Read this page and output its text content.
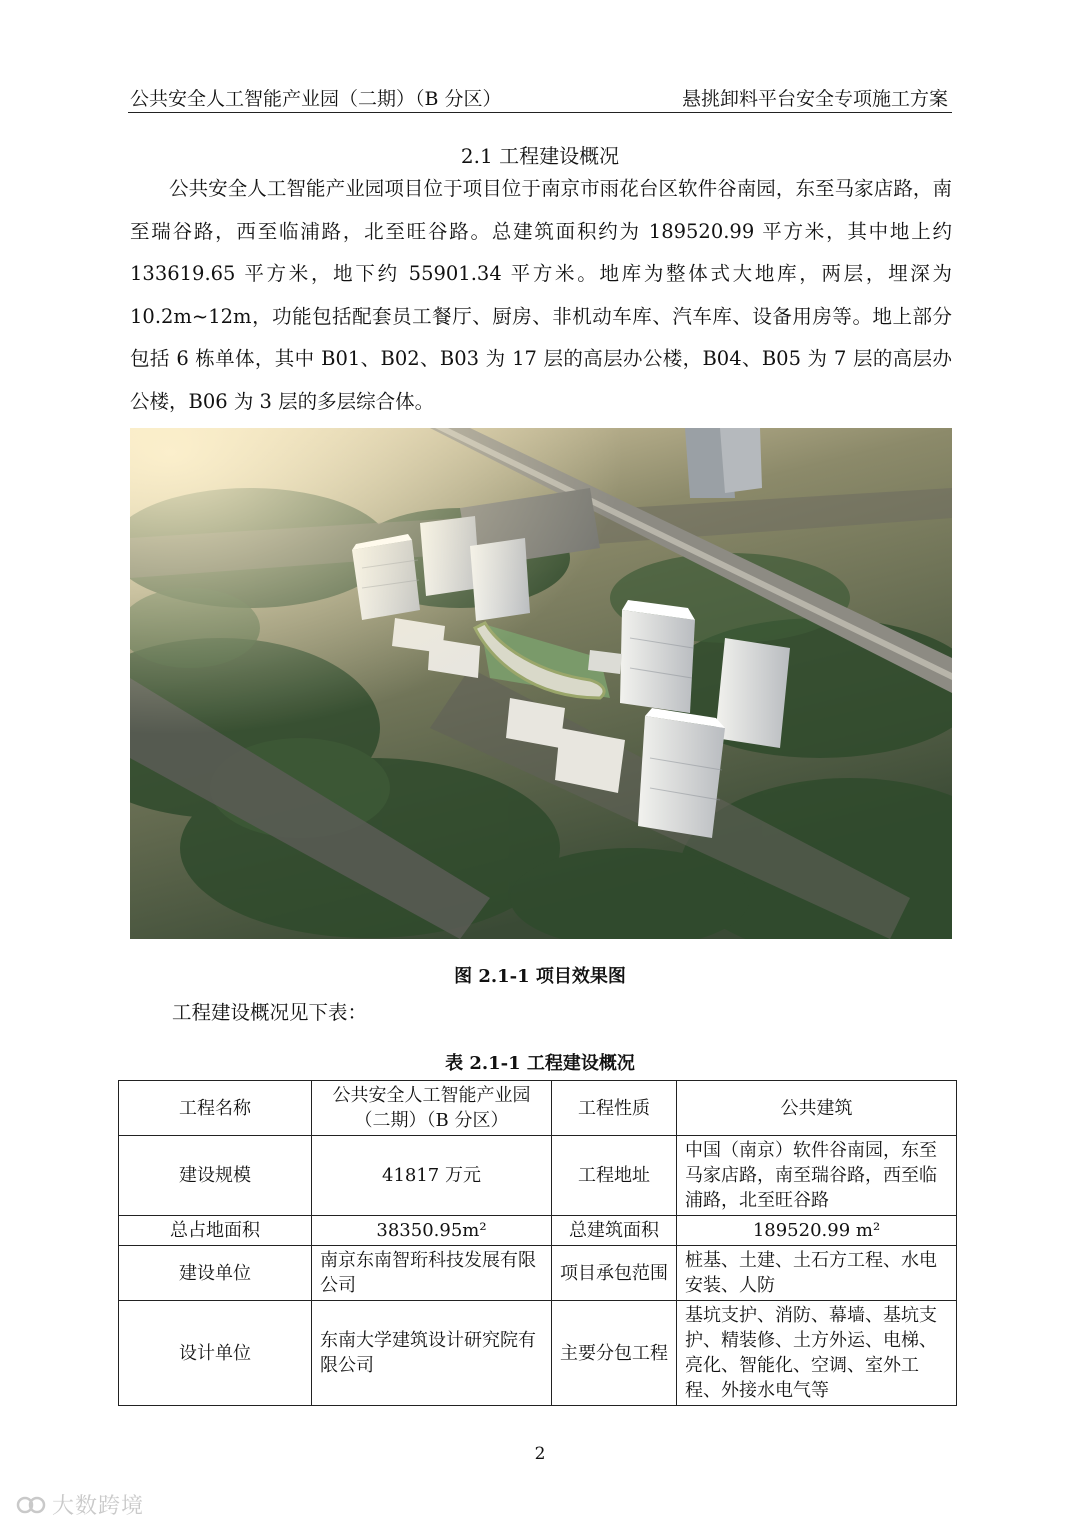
公共安全人工智能产业园（二期）（B 分区）	悬挑卸料平台安全专项施工方案
2.1 工程建设概况

公共安全人工智能产业园项目位于项目位于南京市雨花台区软件谷南园，东至马家店路，南至瑞谷路，西至临浦路，北至旺谷路。总建筑面积约为 189520.99 平方米，其中地上约 133619.65 平方米，地下约 55901.34 平方米。地库为整体式大地库，两层，埋深为 10.2m~12m，功能包括配套员工餐厅、厨房、非机动车库、汽车库、设备用房等。地上部分包括 6 栋单体，其中 B01、B02、B03 为 17 层的高层办公楼，B04、B05 为 7 层的高层办公楼，B06 为 3 层的多层综合体。

图 2.1-1 项目效果图
工程建设概况见下表：
表 2.1-1 工程建设概况
工程名称	公共安全人工智能产业园（二期）（B 分区）	工程性质	公共建筑
建设规模	41817 万元	工程地址	中国（南京）软件谷南园，东至马家店路，南至瑞谷路，西至临浦路，北至旺谷路
总占地面积	38350.95m²	总建筑面积	189520.99 m²
建设单位	南京东南智珩科技发展有限公司	项目承包范围	桩基、土建、土石方工程、水电安装、人防
设计单位	东南大学建筑设计研究院有限公司	主要分包工程	基坑支护、消防、幕墙、基坑支护、精装修、土方外运、电梯、亮化、智能化、空调、室外工程、外接水电气等
2
大数跨境
